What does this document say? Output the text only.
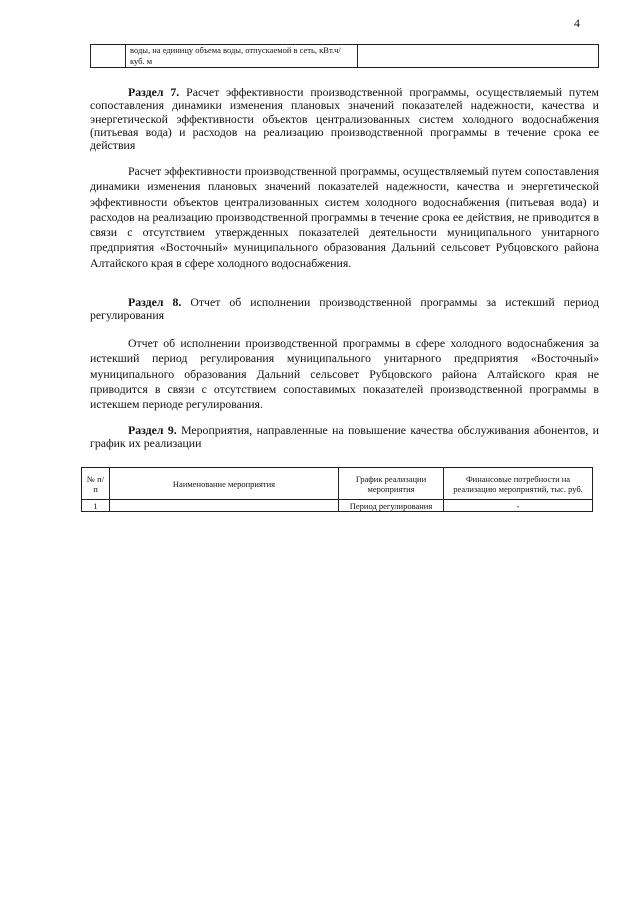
4
	воды, на единицу объема воды, отпускаемой в сеть, кВт.ч/куб. м	
Раздел 7. Расчет эффективности производственной программы, осуществляемый путем сопоставления динамики изменения плановых значений показателей надежности, качества и энергетической эффективности объектов централизованных систем холодного водоснабжения (питьевая вода) и расходов на реализацию производственной программы в течение срока ее действия
Расчет эффективности производственной программы, осуществляемый путем сопоставления динамики изменения плановых значений показателей надежности, качества и энергетической эффективности объектов централизованных систем холодного водоснабжения (питьевая вода) и расходов на реализацию производственной программы в течение срока ее действия, не приводится в связи с отсутствием утвержденных показателей деятельности муниципального унитарного предприятия «Восточный» муниципального образования Дальний сельсовет Рубцовского района Алтайского края в сфере холодного водоснабжения.
Раздел 8. Отчет об исполнении производственной программы за истекший период регулирования
Отчет об исполнении производственной программы в сфере холодного водоснабжения за истекший период регулирования муниципального унитарного предприятия «Восточный» муниципального образования Дальний сельсовет Рубцовского района Алтайского края не приводится в связи с отсутствием сопоставимых показателей производственной программы в истекшем периоде регулирования.
Раздел 9. Мероприятия, направленные на повышение качества обслуживания абонентов, и график их реализации
№ п/п	Наименование мероприятия	График реализации мероприятия	Финансовые потребности на реализацию мероприятий, тыс. руб.
1		Период регулирования	-
